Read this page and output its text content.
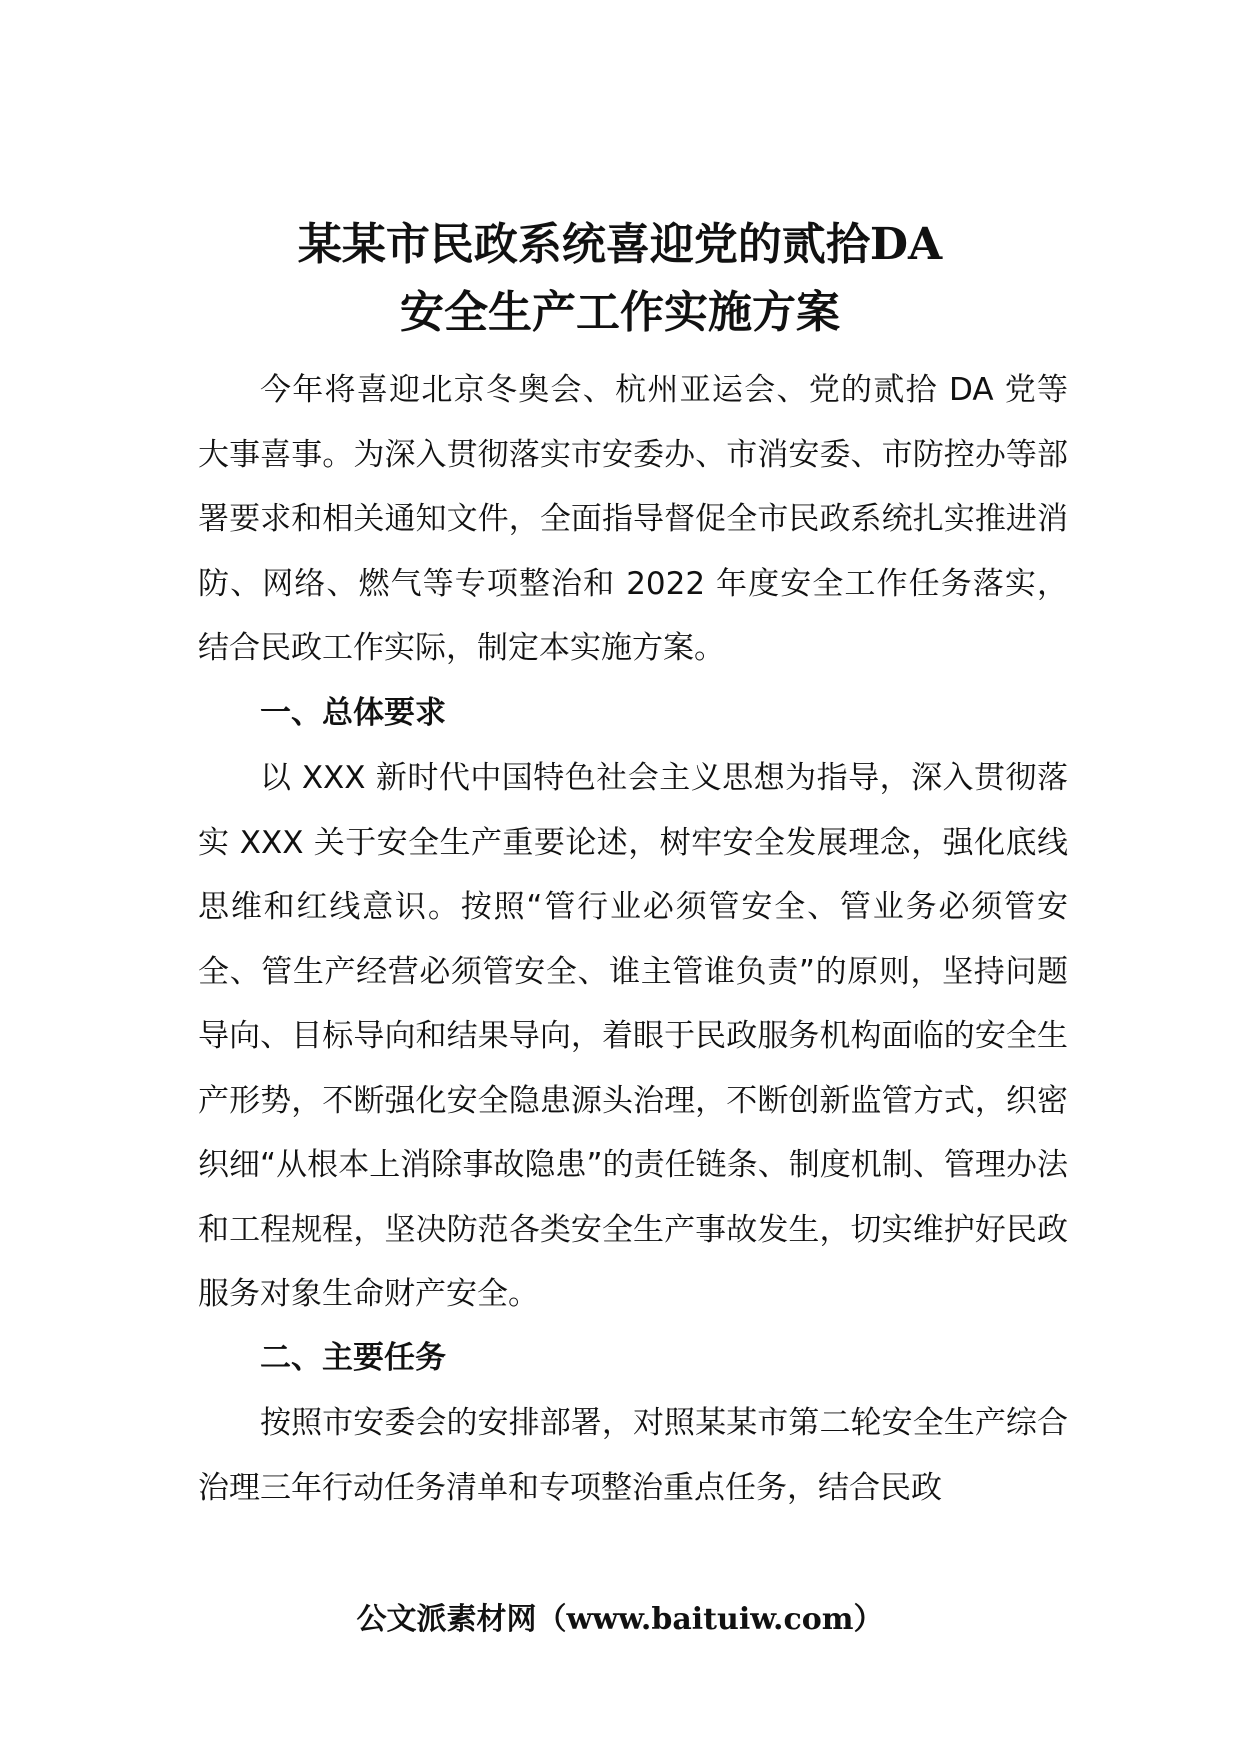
某某市民政系统喜迎党的贰拾DA
安全生产工作实施方案

今年将喜迎北京冬奥会、杭州亚运会、党的贰拾 DA 党等大事喜事。为深入贯彻落实市安委办、市消安委、市防控办等部署要求和相关通知文件，全面指导督促全市民政系统扎实推进消防、网络、燃气等专项整治和 2022 年度安全工作任务落实，结合民政工作实际，制定本实施方案。

一、总体要求

以 XXX 新时代中国特色社会主义思想为指导，深入贯彻落实 XXX 关于安全生产重要论述，树牢安全发展理念，强化底线思维和红线意识。按照“管行业必须管安全、管业务必须管安全、管生产经营必须管安全、谁主管谁负责”的原则，坚持问题导向、目标导向和结果导向，着眼于民政服务机构面临的安全生产形势，不断强化安全隐患源头治理，不断创新监管方式，织密织细“从根本上消除事故隐患”的责任链条、制度机制、管理办法和工程规程，坚决防范各类安全生产事故发生，切实维护好民政服务对象生命财产安全。

二、主要任务

按照市安委会的安排部署，对照某某市第二轮安全生产综合治理三年行动任务清单和专项整治重点任务，结合民政

公文派素材网（www.baituiw.com）
